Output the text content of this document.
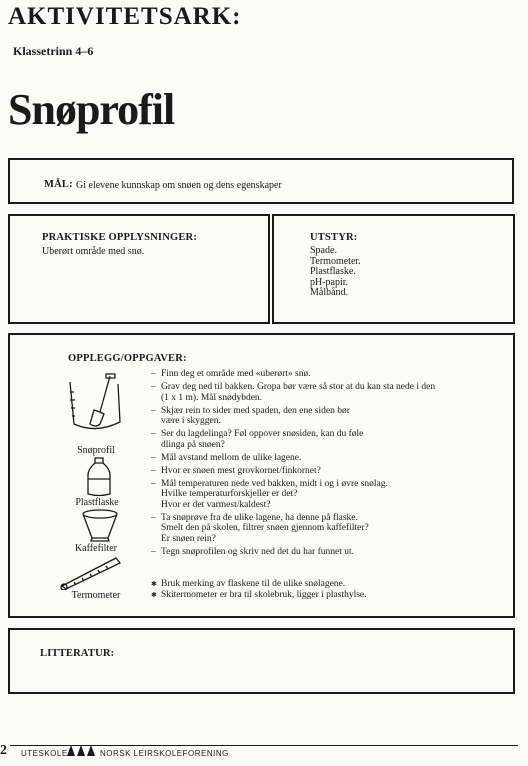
AKTIVITETSARK:
Klassetrinn 4–6
Snøprofil
MÅL: Gi elevene kunnskap om snøen og dens egenskaper
PRAKTISKE OPPLYSNINGER:
Uberørt område med snø.
UTSTYR:
Spade.
Termometer.
Plastflaske.
pH-papir.
Målbånd.
OPPLEGG/OPPGAVER:
– Finn deg et område med «uberørt» snø.
– Grav deg ned til bakken. Gropa bør være så stor at du kan sta nede i den
(1 x 1 m). Mål snødybden.
– Skjær rein to sider med spaden, den ene siden bør
være i skyggen.
– Ser du lagdelinga? Føl oppover snøsiden, kan du føle
dlinga på snøen?
– Mål avstand mellom de ulike lagene.
– Hvor er snøen mest grovkornet/finkornet?
– Mål temperaturen nede ved bakken, midt i og i øvre snølag.
Hvilke temperaturforskjeller er det?
Hvor er det varmest/kaldest?
– Ta snøprøve fra de ulike lagene, ha denne på flaske.
Smelt den på skolen, filtrer snøen gjennom kaffefilter?
Er snøen rein?
– Tegn snøprofilen og skriv ned det du har funnet ut.
✱ Bruk merking av flaskene til de ulike snølagene.
✱ Skitermometer er bra til skolebruk, ligger i plasthylse.
Snøprofil
Plastflaske
Kaffefilter
Termometer
LITTERATUR:
2 UTESKOLE	NORSK LEIRSKOLEFORENING
